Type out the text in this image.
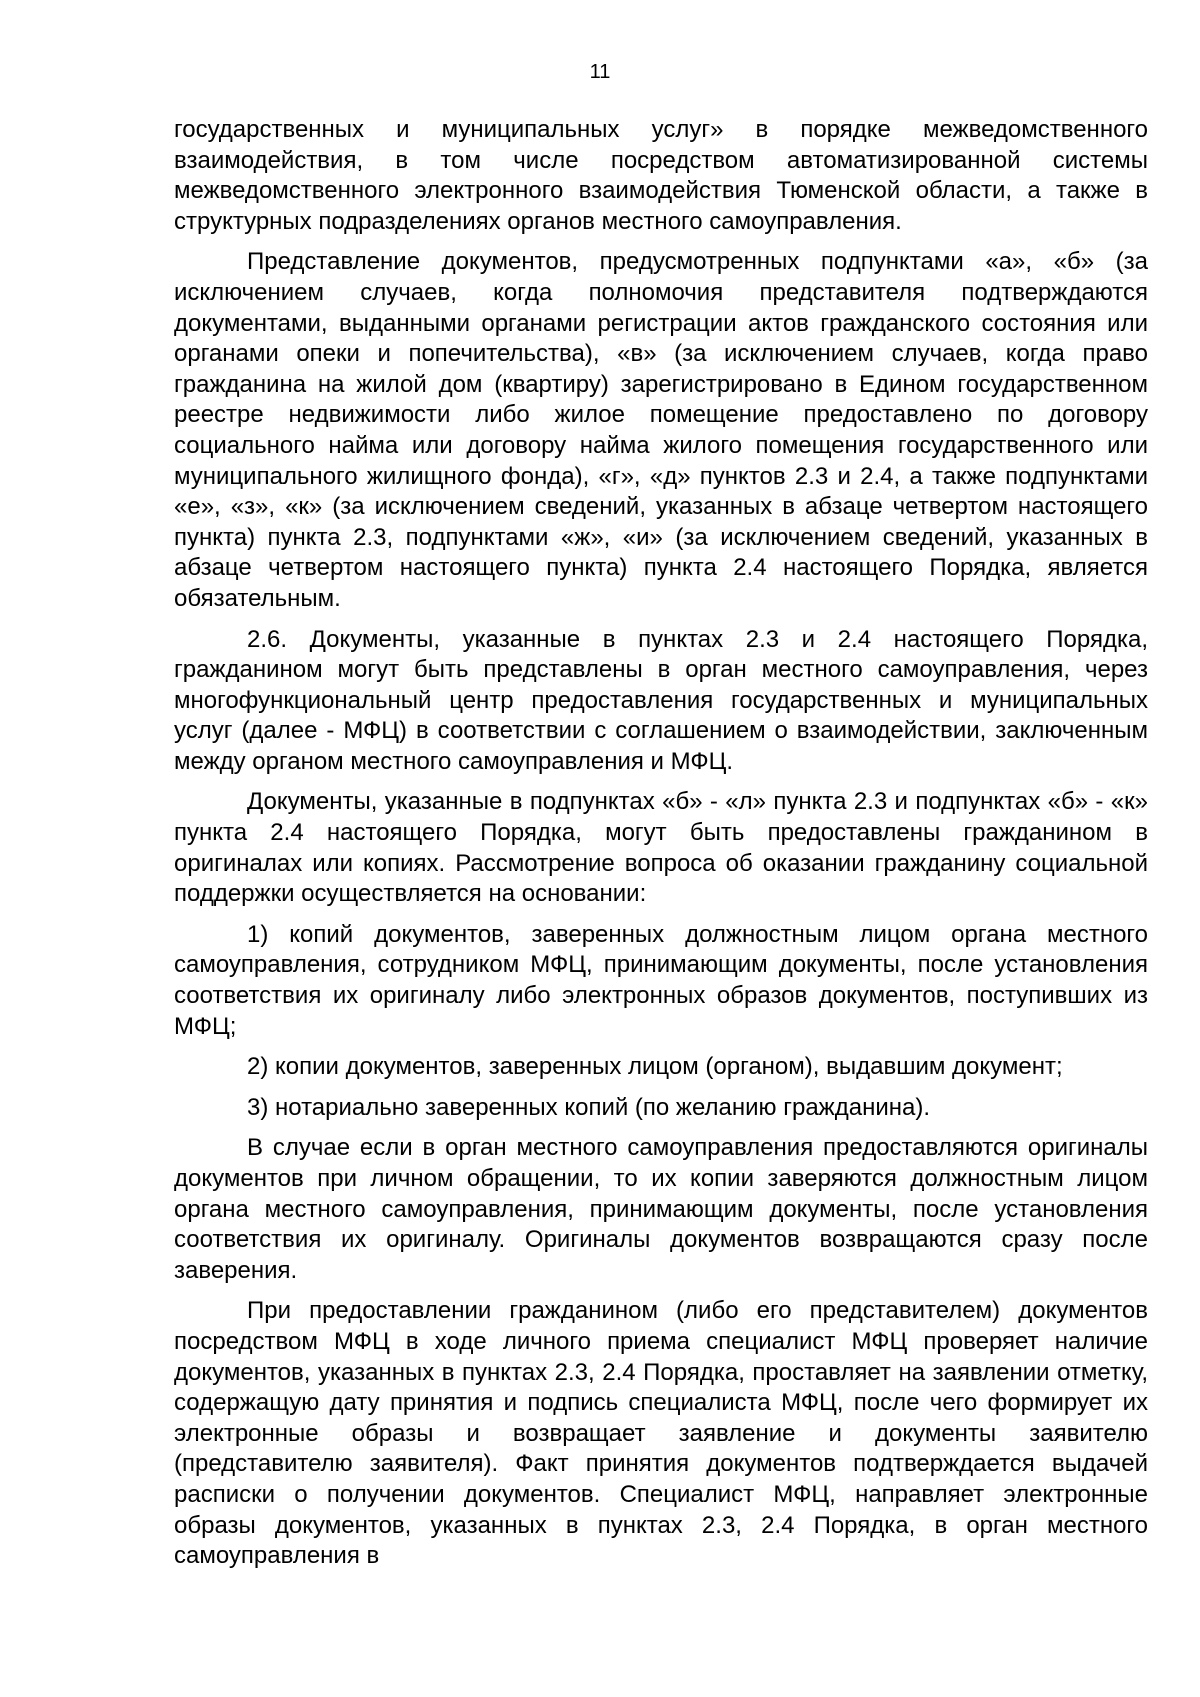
11

государственных и муниципальных услуг» в порядке межведомственного взаимодействия, в том числе посредством автоматизированной системы межведомственного электронного взаимодействия Тюменской области, а также в структурных подразделениях органов местного самоуправления.

Представление документов, предусмотренных подпунктами «а», «б» (за исключением случаев, когда полномочия представителя подтверждаются документами, выданными органами регистрации актов гражданского состояния или органами опеки и попечительства), «в» (за исключением случаев, когда право гражданина на жилой дом (квартиру) зарегистрировано в Едином государственном реестре недвижимости либо жилое помещение предоставлено по договору социального найма или договору найма жилого помещения государственного или муниципального жилищного фонда), «г», «д» пунктов 2.3 и 2.4, а также подпунктами «е», «з», «к» (за исключением сведений, указанных в абзаце четвертом настоящего пункта) пункта 2.3, подпунктами «ж», «и» (за исключением сведений, указанных в абзаце четвертом настоящего пункта) пункта 2.4 настоящего Порядка, является обязательным.

2.6. Документы, указанные в пунктах 2.3 и 2.4 настоящего Порядка, гражданином могут быть представлены в орган местного самоуправления, через многофункциональный центр предоставления государственных и муниципальных услуг (далее - МФЦ) в соответствии с соглашением о взаимодействии, заключенным между органом местного самоуправления и МФЦ.

Документы, указанные в подпунктах «б» - «л» пункта 2.3 и подпунктах «б» - «к» пункта 2.4 настоящего Порядка, могут быть предоставлены гражданином в оригиналах или копиях. Рассмотрение вопроса об оказании гражданину социальной поддержки осуществляется на основании:

1) копий документов, заверенных должностным лицом органа местного самоуправления, сотрудником МФЦ, принимающим документы, после установления соответствия их оригиналу либо электронных образов документов, поступивших из МФЦ;

2) копии документов, заверенных лицом (органом), выдавшим документ;

3) нотариально заверенных копий (по желанию гражданина).

В случае если в орган местного самоуправления предоставляются оригиналы документов при личном обращении, то их копии заверяются должностным лицом органа местного самоуправления, принимающим документы, после установления соответствия их оригиналу. Оригиналы документов возвращаются сразу после заверения.

При предоставлении гражданином (либо его представителем) документов посредством МФЦ в ходе личного приема специалист МФЦ проверяет наличие документов, указанных в пунктах 2.3, 2.4 Порядка, проставляет на заявлении отметку, содержащую дату принятия и подпись специалиста МФЦ, после чего формирует их электронные образы и возвращает заявление и документы заявителю (представителю заявителя). Факт принятия документов подтверждается выдачей расписки о получении документов. Специалист МФЦ, направляет электронные образы документов, указанных в пунктах 2.3, 2.4 Порядка, в орган местного самоуправления в
